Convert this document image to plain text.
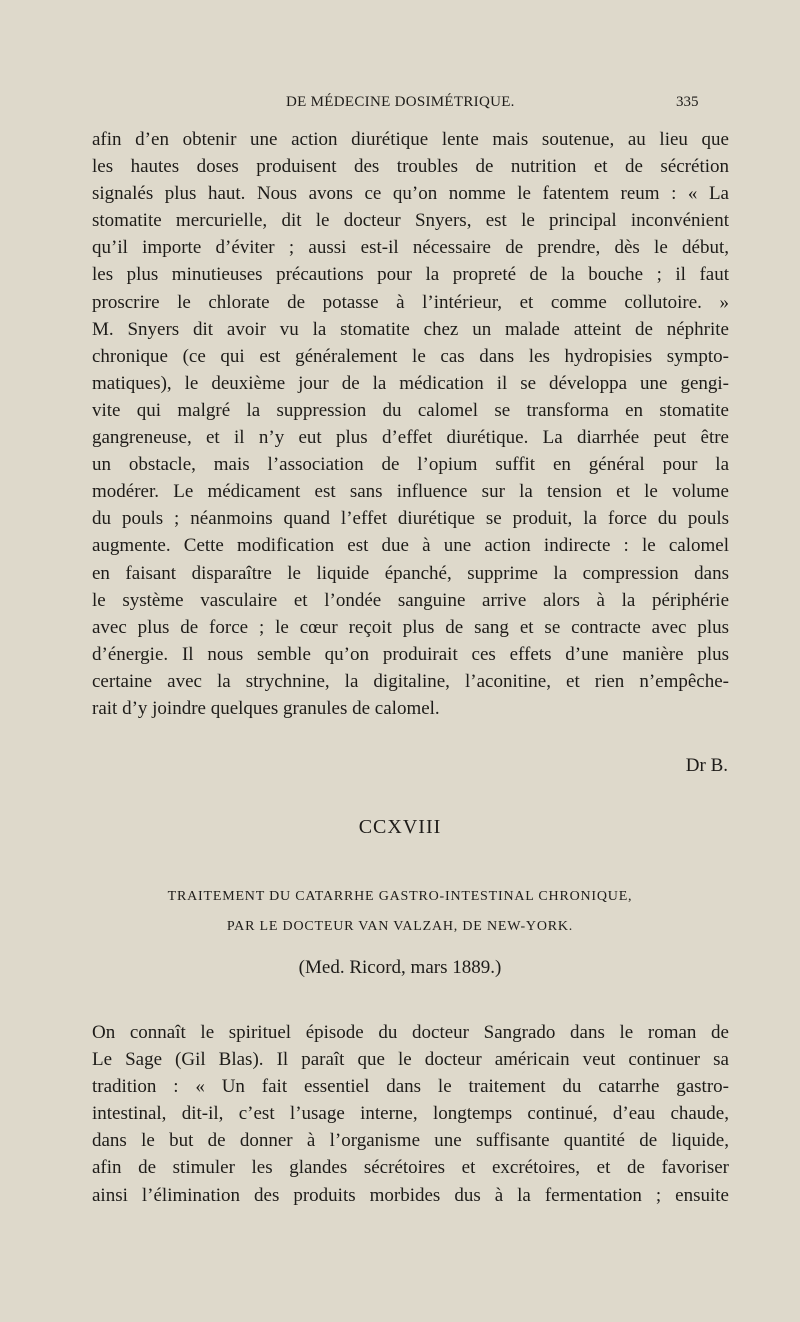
DE MÉDECINE DOSIMÉTRIQUE.	335
afin d’en obtenir une action diurétique lente mais soutenue, au lieu que
les hautes doses produisent des troubles de nutrition et de sécrétion
signalés plus haut. Nous avons ce qu’on nomme le fatentem reum : « La
stomatite mercurielle, dit le docteur Snyers, est le principal inconvénient
qu’il importe d’éviter ; aussi est-il nécessaire de prendre, dès le début,
les plus minutieuses précautions pour la propreté de la bouche ; il faut
proscrire le chlorate de potasse à l’intérieur, et comme collutoire. »
M. Snyers dit avoir vu la stomatite chez un malade atteint de néphrite
chronique (ce qui est généralement le cas dans les hydropisies sympto-
matiques), le deuxième jour de la médication il se développa une gengi-
vite qui malgré la suppression du calomel se transforma en stomatite
gangreneuse, et il n’y eut plus d’effet diurétique. La diarrhée peut être
un obstacle, mais l’association de l’opium suffit en général pour la
modérer. Le médicament est sans influence sur la tension et le volume
du pouls ; néanmoins quand l’effet diurétique se produit, la force du pouls
augmente. Cette modification est due à une action indirecte : le calomel
en faisant disparaître le liquide épanché, supprime la compression dans
le système vasculaire et l’ondée sanguine arrive alors à la périphérie
avec plus de force ; le cœur reçoit plus de sang et se contracte avec plus
d’énergie. Il nous semble qu’on produirait ces effets d’une manière plus
certaine avec la strychnine, la digitaline, l’aconitine, et rien n’empêche-
rait d’y joindre quelques granules de calomel.
Dr B.
CCXVIII
TRAITEMENT DU CATARRHE GASTRO-INTESTINAL CHRONIQUE,
PAR LE DOCTEUR VAN VALZAH, DE NEW-YORK.
(Med. Ricord, mars 1889.)
On connaît le spirituel épisode du docteur Sangrado dans le roman de
Le Sage (Gil Blas). Il paraît que le docteur américain veut continuer sa
tradition : « Un fait essentiel dans le traitement du catarrhe gastro-
intestinal, dit-il, c’est l’usage interne, longtemps continué, d’eau chaude,
dans le but de donner à l’organisme une suffisante quantité de liquide,
afin de stimuler les glandes sécrétoires et excrétoires, et de favoriser
ainsi l’élimination des produits morbides dus à la fermentation ; ensuite
